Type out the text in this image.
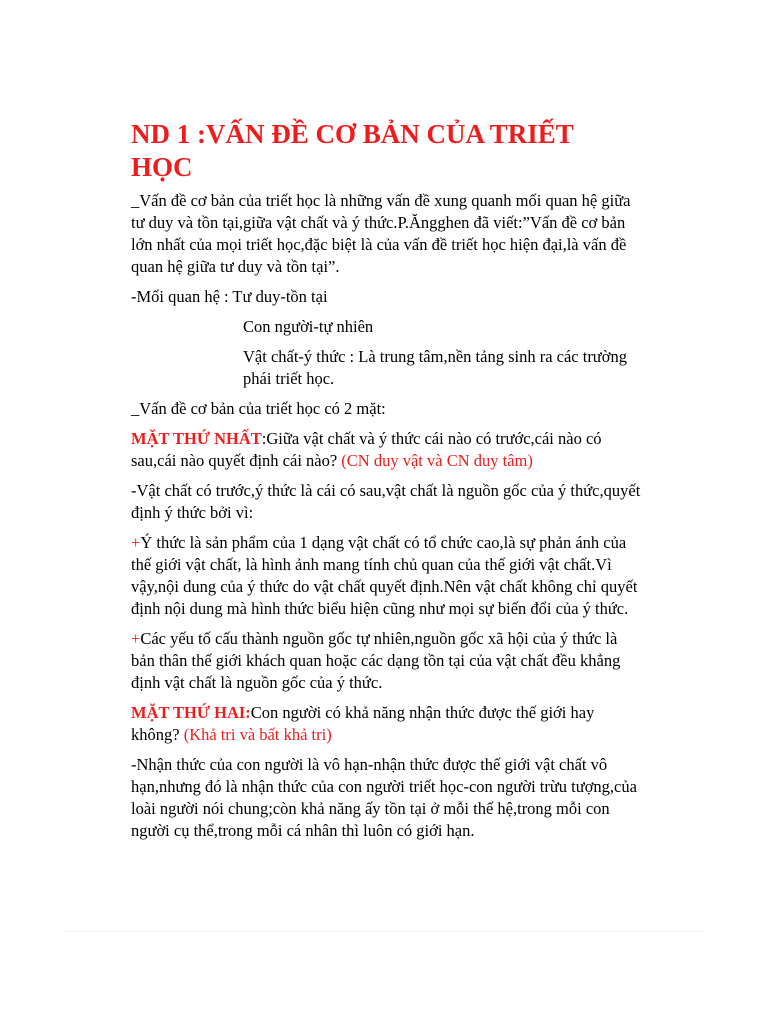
ND 1 :VẤN ĐỀ CƠ BẢN CỦA TRIẾT HỌC

_Vấn đề cơ bản của triết học là những vấn đề xung quanh mối quan hệ giữa tư duy và tồn tại,giữa vật chất và ý thức.P.Ăngghen đã viết:”Vấn đề cơ bản lớn nhất của mọi triết học,đặc biệt là của vấn đề triết học hiện đại,là vấn đề quan hệ giữa tư duy và tồn tại”.

-Mối quan hệ : Tư duy-tồn tại

Con người-tự nhiên

Vật chất-ý thức : Là trung tâm,nền tảng sinh ra các trường phái triết học.

_Vấn đề cơ bản của triết học có 2 mặt:

MẶT THỨ NHẤT:Giữa vật chất và ý thức cái nào có trước,cái nào có sau,cái nào quyết định cái nào? (CN duy vật và CN duy tâm)

-Vật chất có trước,ý thức là cái có sau,vật chất là nguồn gốc của ý thức,quyết định ý thức bởi vì:

+Ý thức là sản phẩm của 1 dạng vật chất có tổ chức cao,là sự phản ánh của thế giới vật chất, là hình ảnh mang tính chủ quan của thế giới vật chất.Vì vậy,nội dung của ý thức do vật chất quyết định.Nên vật chất không chỉ quyết định nội dung mà hình thức biểu hiện cũng như mọi sự biến đổi của ý thức.

+Các yếu tố cấu thành nguồn gốc tự nhiên,nguồn gốc xã hội của ý thức là bản thân thế giới khách quan hoặc các dạng tồn tại của vật chất đều khẳng định vật chất là nguồn gốc của ý thức.

MẶT THỨ HAI:Con người có khả năng nhận thức được thế giới hay không? (Khả tri và bất khả tri)

-Nhận thức của con người là vô hạn-nhận thức được thế giới vật chất vô hạn,nhưng đó là nhận thức của con người triết học-con người trừu tượng,của loài người nói chung;còn khả năng ấy tồn tại ở mỗi thế hệ,trong mỗi con người cụ thể,trong mỗi cá nhân thì luôn có giới hạn.
